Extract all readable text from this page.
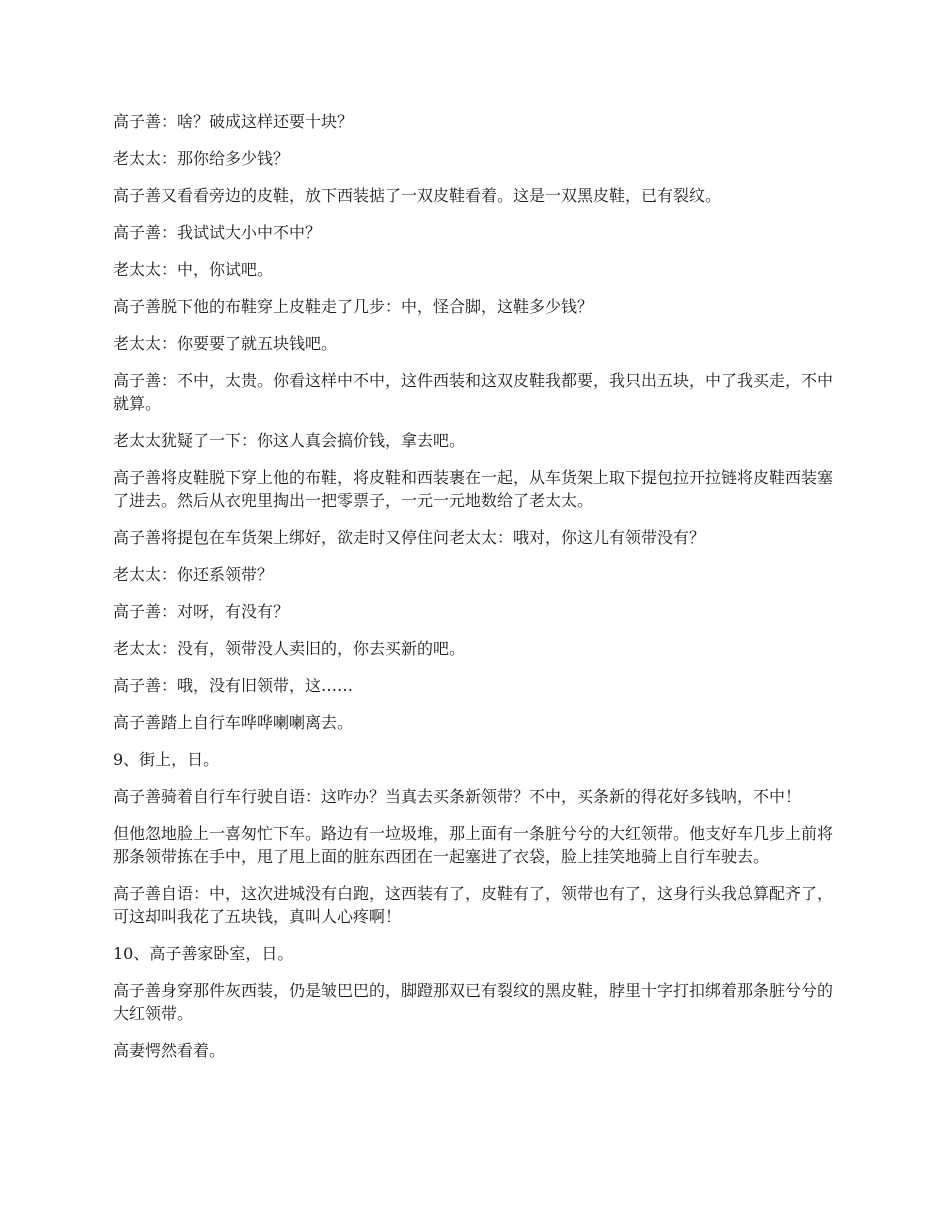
高子善：啥？破成这样还要十块？

老太太：那你给多少钱？

高子善又看看旁边的皮鞋，放下西装掂了一双皮鞋看着。这是一双黑皮鞋，已有裂纹。

高子善：我试试大小中不中？

老太太：中，你试吧。

高子善脱下他的布鞋穿上皮鞋走了几步：中，怪合脚，这鞋多少钱？

老太太：你要要了就五块钱吧。

高子善：不中，太贵。你看这样中不中，这件西装和这双皮鞋我都要，我只出五块，中了我买走，不中就算。

老太太犹疑了一下：你这人真会搞价钱，拿去吧。

高子善将皮鞋脱下穿上他的布鞋，将皮鞋和西装裹在一起，从车货架上取下提包拉开拉链将皮鞋西装塞了进去。然后从衣兜里掏出一把零票子，一元一元地数给了老太太。

高子善将提包在车货架上绑好，欲走时又停住问老太太：哦对，你这儿有领带没有？

老太太：你还系领带？

高子善：对呀，有没有？

老太太：没有，领带没人卖旧的，你去买新的吧。

高子善：哦，没有旧领带，这……

高子善踏上自行车哗哗喇喇离去。

9、街上，日。

高子善骑着自行车行驶自语：这咋办？当真去买条新领带？不中，买条新的得花好多钱呐，不中！

但他忽地脸上一喜匆忙下车。路边有一垃圾堆，那上面有一条脏兮兮的大红领带。他支好车几步上前将那条领带拣在手中，甩了甩上面的脏东西团在一起塞进了衣袋，脸上挂笑地骑上自行车驶去。

高子善自语：中，这次进城没有白跑，这西装有了，皮鞋有了，领带也有了，这身行头我总算配齐了，可这却叫我花了五块钱，真叫人心疼啊！

10、高子善家卧室，日。

高子善身穿那件灰西装，仍是皱巴巴的，脚蹬那双已有裂纹的黑皮鞋，脖里十字打扣绑着那条脏兮兮的大红领带。

高妻愕然看着。
